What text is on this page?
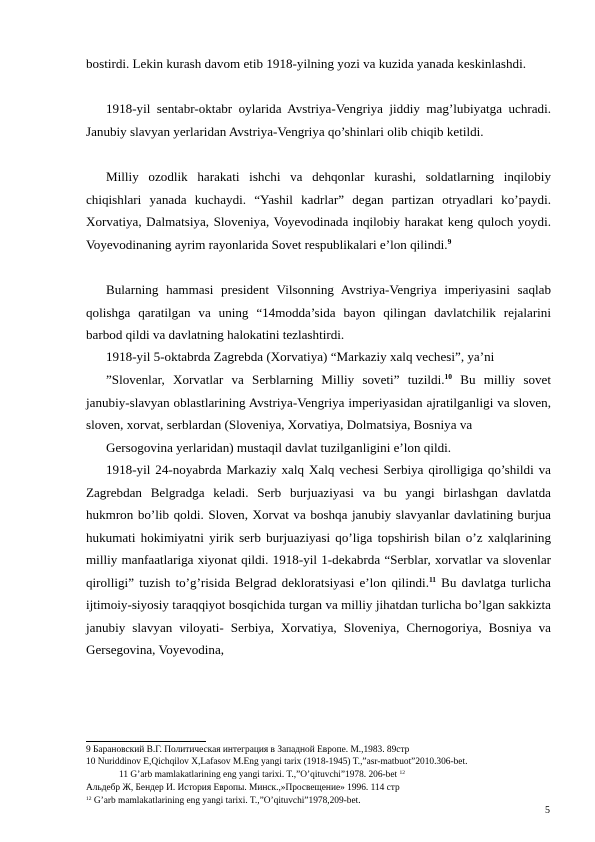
bostirdi. Lekin kurash davom etib 1918-yilning yozi va kuzida yanada keskinlashdi.

1918-yil sentabr-oktabr oylarida Avstriya-Vengriya jiddiy mag’lubiyatga uchradi. Janubiy slavyan yerlaridan Avstriya-Vengriya qo’shinlari olib chiqib ketildi.

Milliy ozodlik harakati ishchi va dehqonlar kurashi, soldatlarning inqilobiy chiqishlari yanada kuchaydi. “Yashil kadrlar” degan partizan otryadlari ko’paydi. Xorvatiya, Dalmatsiya, Sloveniya, Voyevodinada inqilobiy harakat keng quloch yoydi. Voyevodinaning ayrim rayonlarida Sovet respublikalari e’lon qilindi.$^9$

Bularning hammasi president Vilsonning Avstriya-Vengriya imperiyasini saqlab qolishga qaratilgan va uning “14modda’sida bayon qilingan davlatchilik rejalarini barbod qildi va davlatning halokatini tezlashtirdi.

1918-yil 5-oktabrda Zagrebda (Xorvatiya) “Markaziy xalq vechesi”, ya’ni

”Slovenlar, Xorvatlar va Serblarning Milliy soveti” tuzildi.$^{10}$ Bu milliy sovet janubiy-slavyan oblastlarining Avstriya-Vengriya imperiyasidan ajratilganligi va sloven, sloven, xorvat, serblardan (Sloveniya, Xorvatiya, Dolmatsiya, Bosniya va

Gersogovina yerlaridan) mustaqil davlat tuzilganligini e’lon qildi.

1918-yil 24-noyabrda Markaziy xalq Xalq vechesi Serbiya qirolligiga qo’shildi va Zagrebdan Belgradga keladi. Serb burjuaziyasi va bu yangi birlashgan davlatda hukmron bo’lib qoldi. Sloven, Xorvat va boshqa janubiy slavyanlar davlatining burjua hukumati hokimiyatni yirik serb burjuaziyasi qo’liga topshirish bilan o’z xalqlarining milliy manfaatlariga xiyonat qildi. 1918-yil 1-dekabrda “Serblar, xorvatlar va slovenlar qirolligi” tuzish to’g’risida Belgrad dekloratsiyasi e’lon qilindi.$^{11}$ Bu davlatga turlicha ijtimoiy-siyosiy taraqqiyot bosqichida turgan va milliy jihatdan turlicha bo’lgan sakkizta janubiy slavyan viloyati- Serbiya, Xorvatiya, Sloveniya, Chernogoriya, Bosniya va Gersegovina, Voyevodina,

9 Барановский В.Г. Политическая интеграция в Западной Европе. М.,1983. 89стр
10 Nuriddinov E,Qichqilov X,Lafasov M.Eng yangi tarix (1918-1945) T.,”asr-matbuot”2010.306-bet.
11 G’arb mamlakatlarining eng yangi tarixi. T.,”O’qituvchi”1978. 206-bet $^{12}$
Альдебр Ж, Бендер И. История Европы. Минск.,»Просвещение» 1996. 114 стр
$^{12}$ G’arb mamlakatlarining eng yangi tarixi. T.,”O’qituvchi”1978,209-bet.
5
